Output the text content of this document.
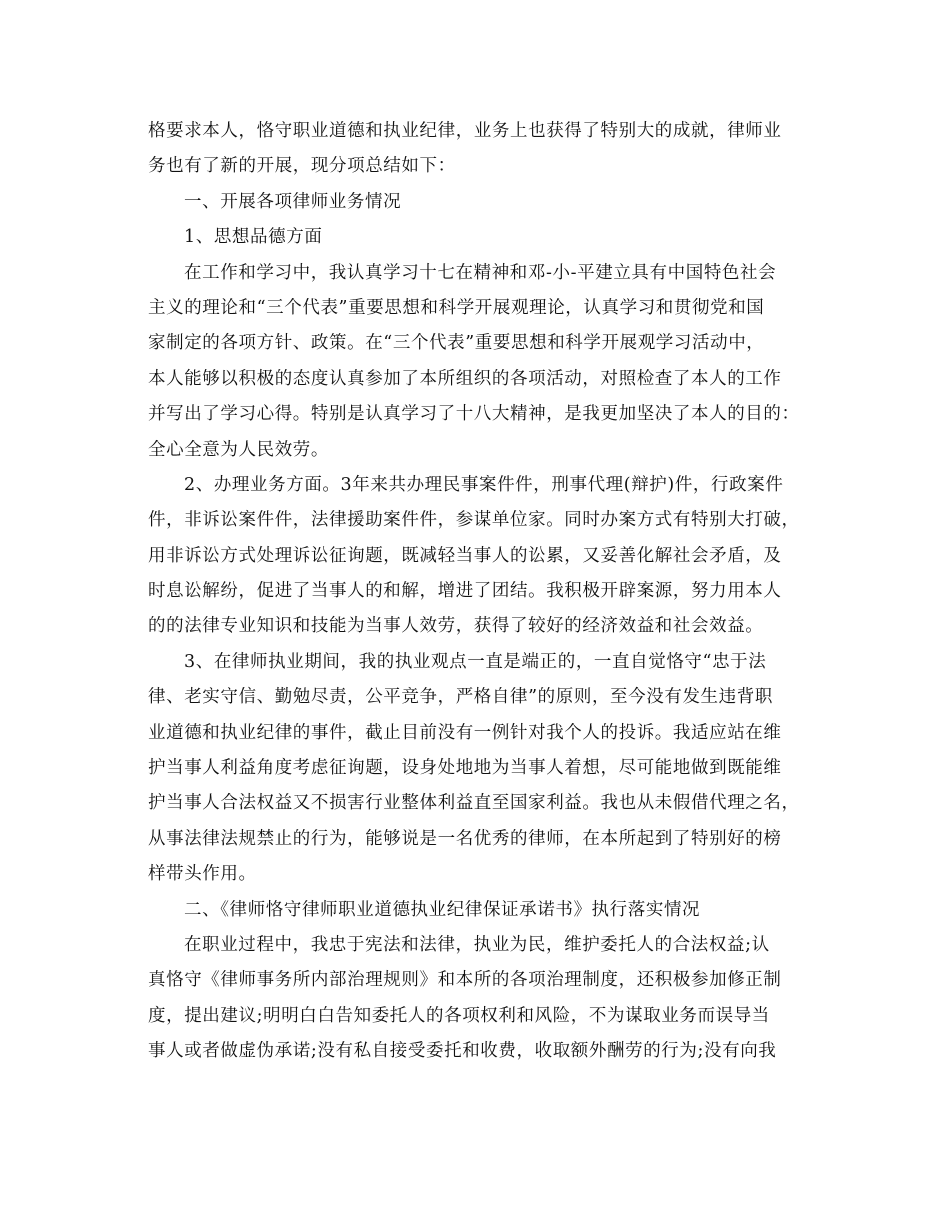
格要求本人，恪守职业道德和执业纪律，业务上也获得了特别大的成就，律师业
务也有了新的开展，现分项总结如下：
一、开展各项律师业务情况
1、思想品德方面
在工作和学习中，我认真学习十七在精神和邓-小-平建立具有中国特色社会
主义的理论和“三个代表”重要思想和科学开展观理论，认真学习和贯彻党和国
家制定的各项方针、政策。在“三个代表”重要思想和科学开展观学习活动中，
本人能够以积极的态度认真参加了本所组织的各项活动，对照检查了本人的工作
并写出了学习心得。特别是认真学习了十八大精神，是我更加坚决了本人的目的：
全心全意为人民效劳。
2、办理业务方面。3年来共办理民事案件件，刑事代理(辩护)件，行政案件
件，非诉讼案件件，法律援助案件件，参谋单位家。同时办案方式有特别大打破，
用非诉讼方式处理诉讼征询题，既减轻当事人的讼累，又妥善化解社会矛盾，及
时息讼解纷，促进了当事人的和解，增进了团结。我积极开辟案源，努力用本人
的的法律专业知识和技能为当事人效劳，获得了较好的经济效益和社会效益。
3、在律师执业期间，我的执业观点一直是端正的，一直自觉恪守“忠于法
律、老实守信、勤勉尽责，公平竞争，严格自律”的原则，至今没有发生违背职
业道德和执业纪律的事件，截止目前没有一例针对我个人的投诉。我适应站在维
护当事人利益角度考虑征询题，设身处地地为当事人着想，尽可能地做到既能维
护当事人合法权益又不损害行业整体利益直至国家利益。我也从未假借代理之名，
从事法律法规禁止的行为，能够说是一名优秀的律师，在本所起到了特别好的榜
样带头作用。
二、《律师恪守律师职业道德执业纪律保证承诺书》执行落实情况
在职业过程中，我忠于宪法和法律，执业为民，维护委托人的合法权益;认
真恪守《律师事务所内部治理规则》和本所的各项治理制度，还积极参加修正制
度，提出建议;明明白白告知委托人的各项权利和风险，不为谋取业务而误导当
事人或者做虚伪承诺;没有私自接受委托和收费，收取额外酬劳的行为;没有向我
